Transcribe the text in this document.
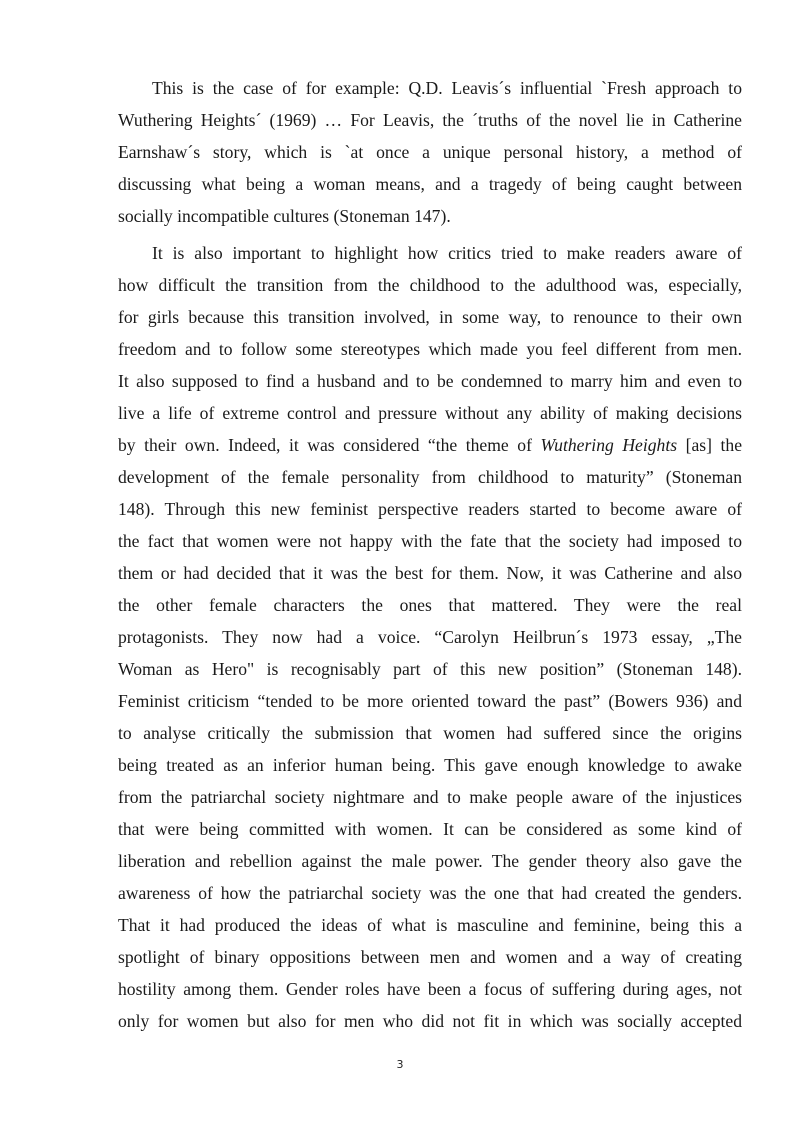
This is the case of for example: Q.D. Leavis´s influential `Fresh approach to
Wuthering Heights´ (1969) … For Leavis, the ´truths of the novel lie in Catherine
Earnshaw´s story, which is `at once a unique personal history, a method of
discussing what being a woman means, and a tragedy of being caught between
socially incompatible cultures (Stoneman 147).
It is also important to highlight how critics tried to make readers aware of
how difficult the transition from the childhood to the adulthood was, especially,
for girls because this transition involved, in some way, to renounce to their own
freedom and to follow some stereotypes which made you feel different from men.
It also supposed to find a husband and to be condemned to marry him and even to
live a life of extreme control and pressure without any ability of making decisions
by their own. Indeed, it was considered “the theme of Wuthering Heights [as] the
development of the female personality from childhood to maturity” (Stoneman
148). Through this new feminist perspective readers started to become aware of
the fact that women were not happy with the fate that the society had imposed to
them or had decided that it was the best for them. Now, it was Catherine and also
the other female characters the ones that mattered. They were the real
protagonists. They now had a voice. “Carolyn Heilbrun´s 1973 essay, „The
Woman as Hero" is recognisably part of this new position” (Stoneman 148).
Feminist criticism “tended to be more oriented toward the past” (Bowers 936) and
to analyse critically the submission that women had suffered since the origins
being treated as an inferior human being. This gave enough knowledge to awake
from the patriarchal society nightmare and to make people aware of the injustices
that were being committed with women. It can be considered as some kind of
liberation and rebellion against the male power. The gender theory also gave the
awareness of how the patriarchal society was the one that had created the genders.
That it had produced the ideas of what is masculine and feminine, being this a
spotlight of binary oppositions between men and women and a way of creating
hostility among them. Gender roles have been a focus of suffering during ages, not
only for women but also for men who did not fit in which was socially accepted
3
